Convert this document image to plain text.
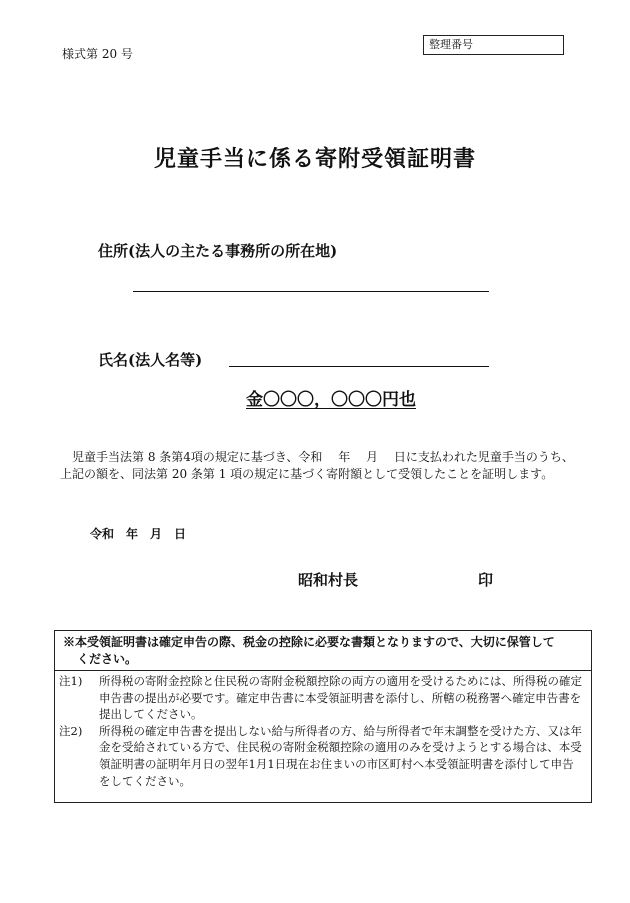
様式第 20 号
整理番号
児童手当に係る寄附受領証明書
住所(法人の主たる事務所の所在地)
氏名(法人名等)
金〇〇〇，〇〇〇円也
児童手当法第 8 条第4項の規定に基づき、令和　 年　 月　 日に支払われた児童手当のうち、上記の額を、同法第 20 条第 1 項の規定に基づく寄附額として受領したことを証明します。
令和　年　月　日
昭和村長	印
※本受領証明書は確定申告の際、税金の控除に必要な書類となりますので、大切に保管して
ください。
注1)	所得税の寄附金控除と住民税の寄附金税額控除の両方の適用を受けるためには、所得税の確定申告書の提出が必要です。確定申告書に本受領証明書を添付し、所轄の税務署へ確定申告書を提出してください。
注2)	所得税の確定申告書を提出しない給与所得者の方、給与所得者で年末調整を受けた方、又は年金を受給されている方で、住民税の寄附金税額控除の適用のみを受けようとする場合は、本受領証明書の証明年月日の翌年1月1日現在お住まいの市区町村へ本受領証明書を添付して申告をしてください。
